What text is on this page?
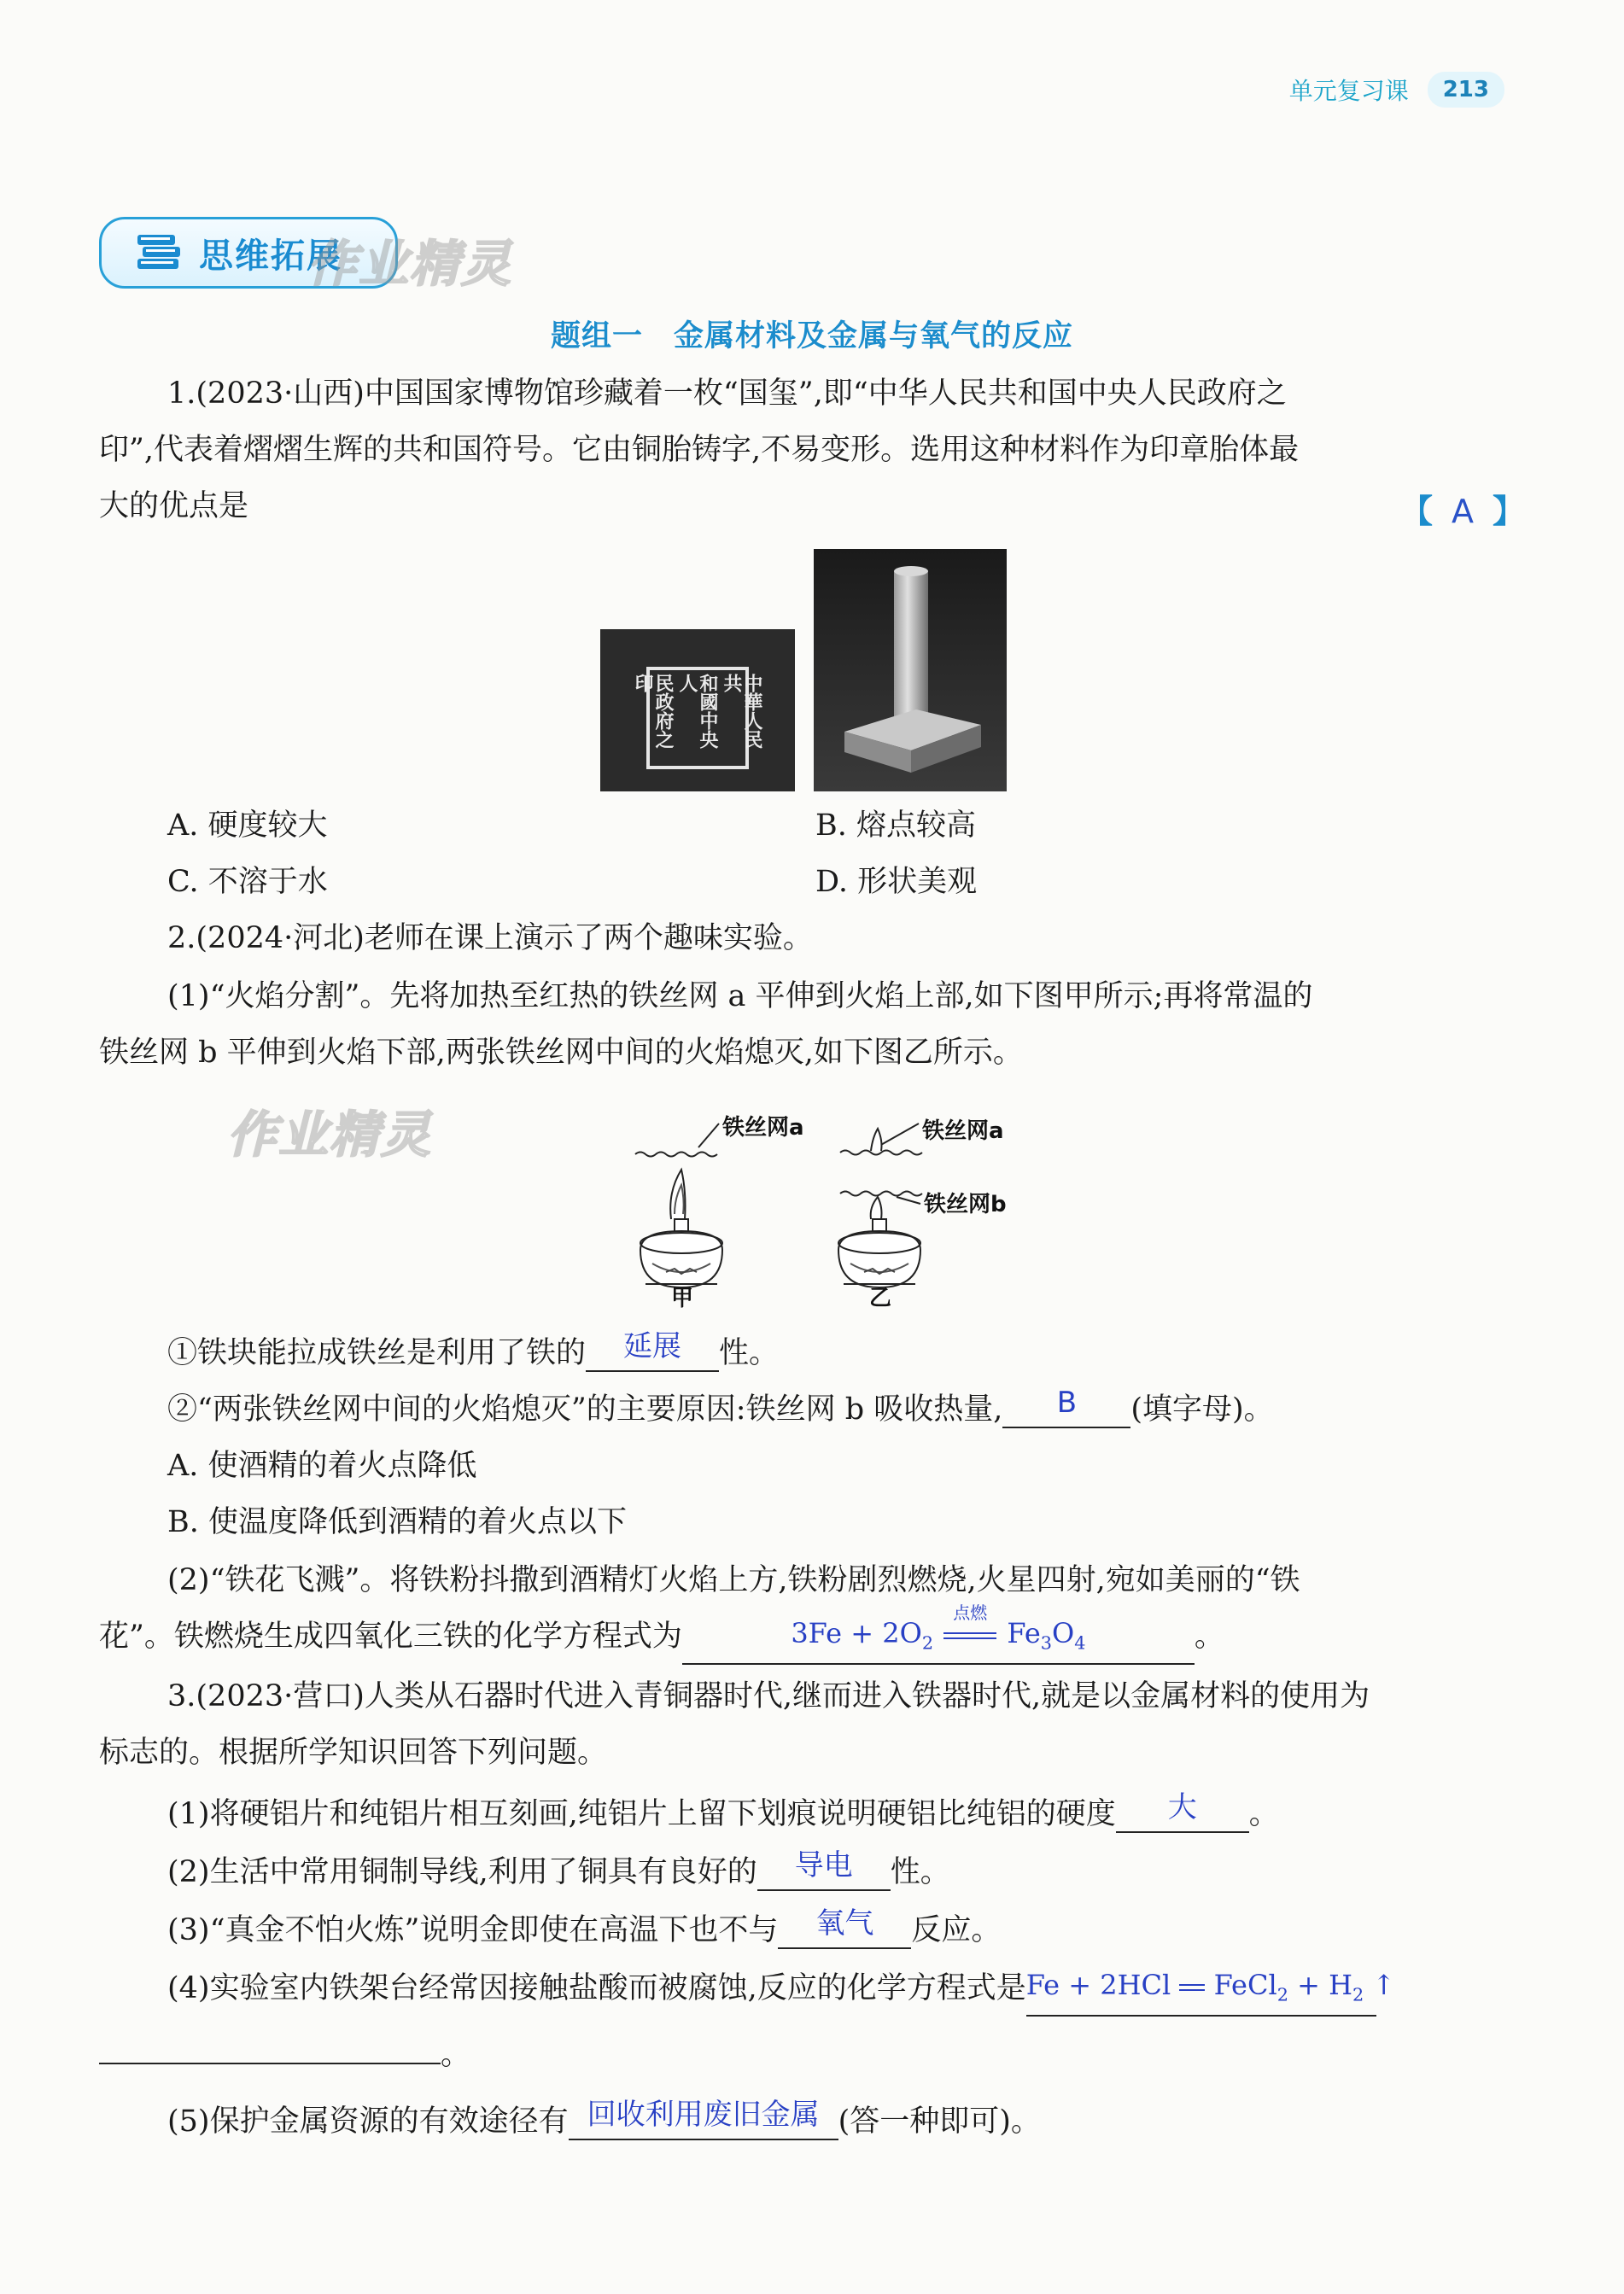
单元复习课	213
思维拓展
作业精灵
题组一　金属材料及金属与氧气的反应
1.(2023·山西)中国国家博物馆珍藏着一枚“国玺”,即“中华人民共和国中央人民政府之
印”,代表着熠熠生辉的共和国符号。它由铜胎铸字,不易变形。选用这种材料作为印章胎体最
大的优点是	【 A 】
中華人民共
和國中央人
民政府之印
A. 硬度较大	B. 熔点较高
C. 不溶于水	D. 形状美观
2.(2024·河北)老师在课上演示了两个趣味实验。
(1)“火焰分割”。先将加热至红热的铁丝网 a 平伸到火焰上部,如下图甲所示;再将常温的
铁丝网 b 平伸到火焰下部,两张铁丝网中间的火焰熄灭,如下图乙所示。
作业精灵	铁丝网a	铁丝网a
铁丝网b
甲	乙
①铁块能拉成铁丝是利用了铁的 延展 性。
②“两张铁丝网中间的火焰熄灭”的主要原因:铁丝网 b 吸收热量, B (填字母)。
A. 使酒精的着火点降低
B. 使温度降低到酒精的着火点以下
(2)“铁花飞溅”。将铁粉抖撒到酒精灯火焰上方,铁粉剧烈燃烧,火星四射,宛如美丽的“铁
花”。铁燃烧生成四氧化三铁的化学方程式为	$3Fe + 2O_2$
点燃
$Fe_3O_4$	。
3.(2023·营口)人类从石器时代进入青铜器时代,继而进入铁器时代,就是以金属材料的使用为
标志的。根据所学知识回答下列问题。
(1)将硬铝片和纯铝片相互刻画,纯铝片上留下划痕说明硬铝比纯铝的硬度 大 。
(2)生活中常用铜制导线,利用了铜具有良好的 导电 性。
(3)“真金不怕火炼”说明金即使在高温下也不与 氧气 反应。
(4)实验室内铁架台经常因接触盐酸而被腐蚀,反应的化学方程式是Fe + 2HCl  FeCl$_2$ + $H_2$ ↑
。
(5)保护金属资源的有效途径有 回收利用废旧金属 (答一种即可)。
